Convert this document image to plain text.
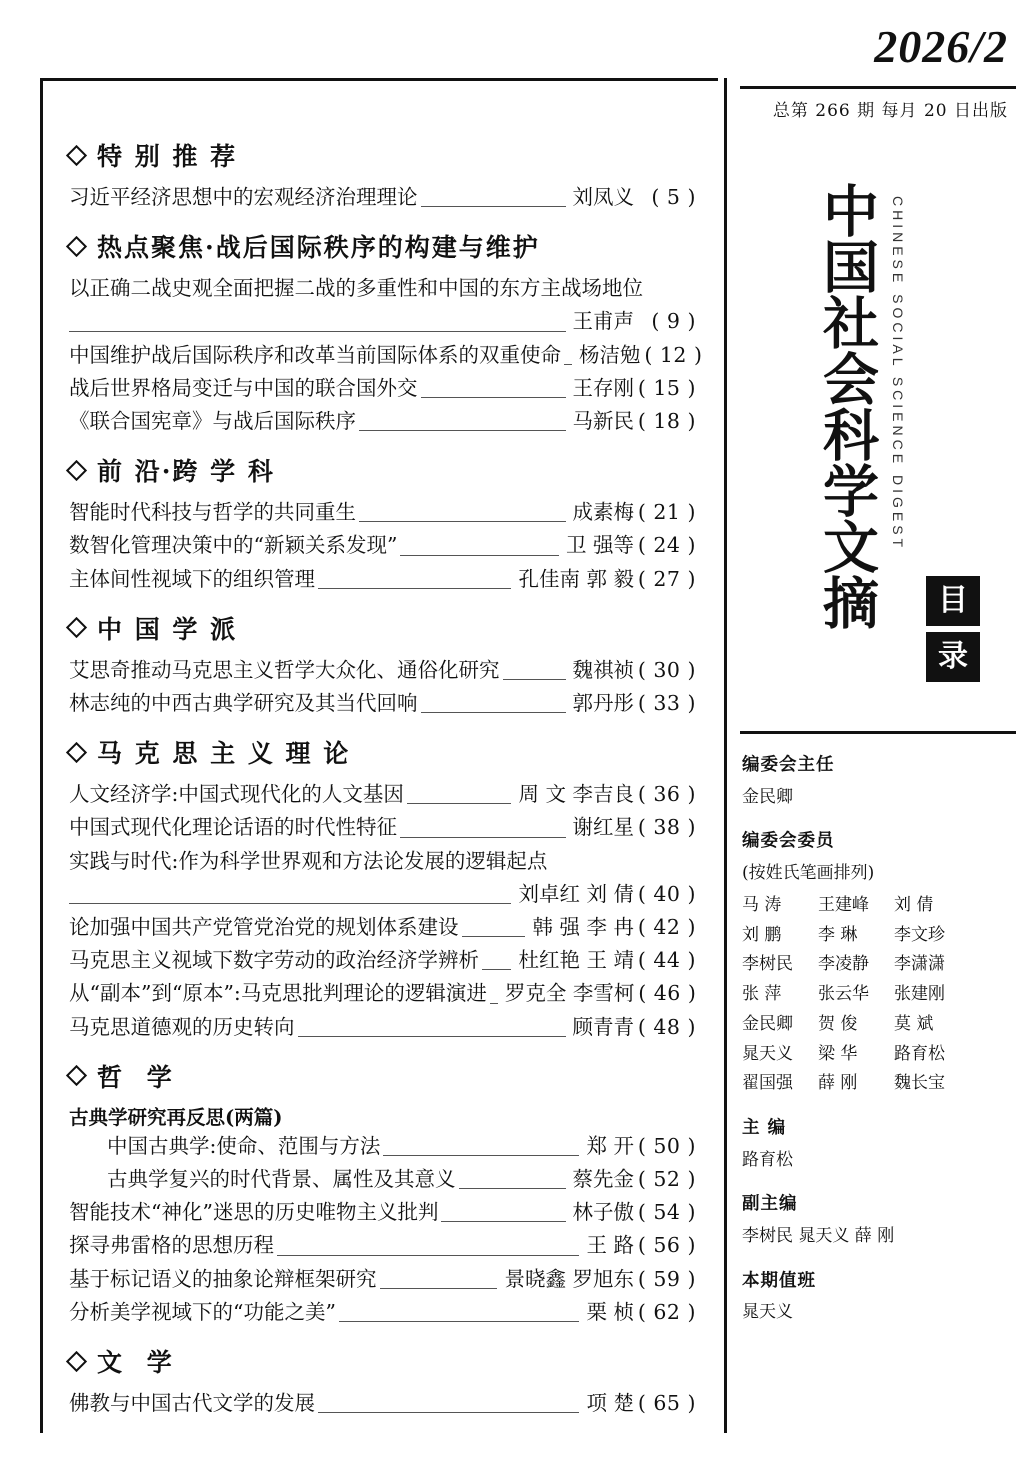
特 别 推 荐
习近平经济思想中的宏观经济治理理论	刘凤义 ( 5 )
热点聚焦·战后国际秩序的构建与维护
以正确二战史观全面把握二战的多重性和中国的东方主战场地位
王甫声 ( 9 )
中国维护战后国际秩序和改革当前国际体系的双重使命 杨洁勉 ( 12 )
战后世界格局变迁与中国的联合国外交	王存刚 ( 15 )
《联合国宪章》与战后国际秩序	马新民 ( 18 )
前 沿·跨 学 科
智能时代科技与哲学的共同重生	成素梅 ( 21 )
数智化管理决策中的“新颖关系发现”	卫 强等 ( 24 )
主体间性视域下的组织管理	孔佳南 郭 毅 ( 27 )
中 国 学 派
艾思奇推动马克思主义哲学大众化、通俗化研究	魏祺祯 ( 30 )
林志纯的中西古典学研究及其当代回响	郭丹彤 ( 33 )
马 克 思 主 义 理 论
人文经济学:中国式现代化的人文基因	周 文 李吉良 ( 36 )
中国式现代化理论话语的时代性特征	谢红星 ( 38 )
实践与时代:作为科学世界观和方法论发展的逻辑起点
刘卓红 刘 倩 ( 40 )
论加强中国共产党管党治党的规划体系建设	韩 强 李 冉 ( 42 )
马克思主义视域下数字劳动的政治经济学辨析 杜红艳 王 靖 ( 44 )
从“副本”到“原本”:马克思批判理论的逻辑演进 罗克全 李雪柯 ( 46 )
马克思道德观的历史转向	顾青青 ( 48 )
哲 学
古典学研究再反思(两篇)
中国古典学:使命、范围与方法	郑 开 ( 50 )
古典学复兴的时代背景、属性及其意义	蔡先金 ( 52 )
智能技术“神化”迷思的历史唯物主义批判	林子傲 ( 54 )
探寻弗雷格的思想历程	王 路 ( 56 )
基于标记语义的抽象论辩框架研究	景晓鑫 罗旭东 ( 59 )
分析美学视域下的“功能之美”	栗 桢 ( 62 )
文 学
佛教与中国古代文学的发展	项 楚 ( 65 )
2026/2
总第 266 期 每月 20 日出版
中国社会科学文摘 CHINESE SOCIAL SCIENCE DIGEST
目
录
编委会主任

金民卿

编委会委员

(按姓氏笔画排列)

马 涛	王建峰	刘 倩
刘 鹏	李 琳	李文珍
李树民	李凌静	李潇潇
张 萍	张云华	张建刚
金民卿	贺 俊	莫 斌
晁天义	梁 华	路育松
翟国强	薛 刚	魏长宝
主 编

路育松

副主编

李树民 晁天义 薛 刚

本期值班

晁天义
